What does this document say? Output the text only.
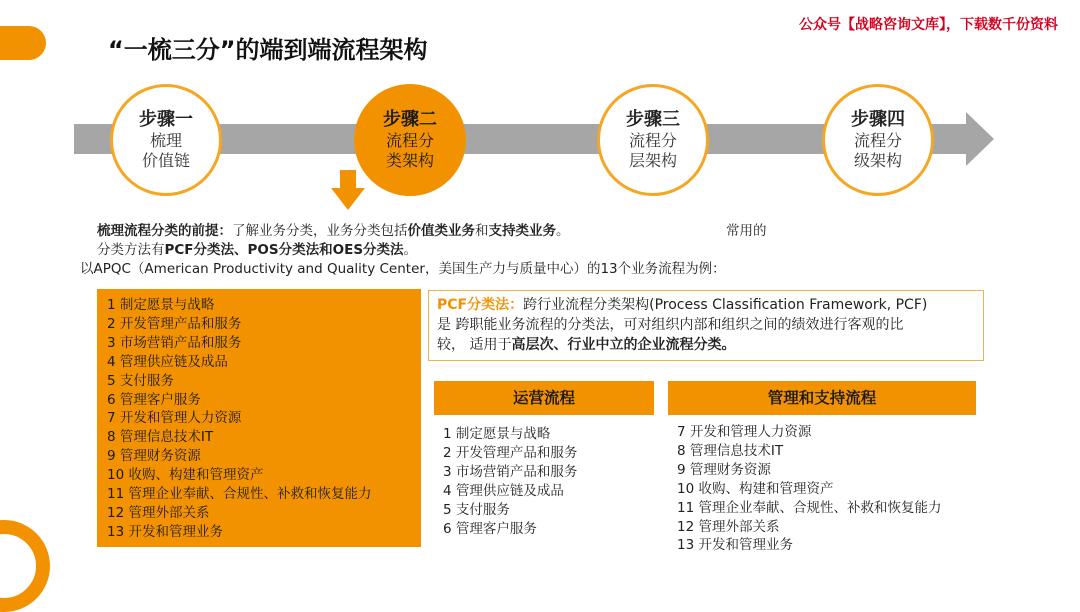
“一梳三分”的端到端流程架构
公众号【战略咨询文库】，下载数千份资料
步骤一
梳理
价值链
步骤二
流程分
类架构
步骤三
流程分
层架构
步骤四
流程分
级架构
梳理流程分类的前提：了解业务分类，业务分类包括价值类业务和支持类业务。	常用的
分类方法有PCF分类法、POS分类法和OES分类法。
以APQC（American Productivity and Quality Center，美国生产力与质量中心）的13个业务流程为例：
1 制定愿景与战略
2 开发管理产品和服务
3 市场营销产品和服务
4 管理供应链及成品
5 支付服务
6 管理客户服务
7 开发和管理人力资源
8 管理信息技术IT
9 管理财务资源
10 收购、构建和管理资产
11 管理企业奉献、合规性、补救和恢复能力
12 管理外部关系
13 开发和管理业务
PCF分类法：跨行业流程分类架构(Process Classification Framework, PCF)
是 跨职能业务流程的分类法，可对组织内部和组织之间的绩效进行客观的比
较， 适用于高层次、行业中立的企业流程分类。
运营流程	管理和支持流程
1 制定愿景与战略
2 开发管理产品和服务
3 市场营销产品和服务
4 管理供应链及成品
5 支付服务
6 管理客户服务
7 开发和管理人力资源
8 管理信息技术IT
9 管理财务资源
10 收购、构建和管理资产
11 管理企业奉献、合规性、补救和恢复能力
12 管理外部关系
13 开发和管理业务
